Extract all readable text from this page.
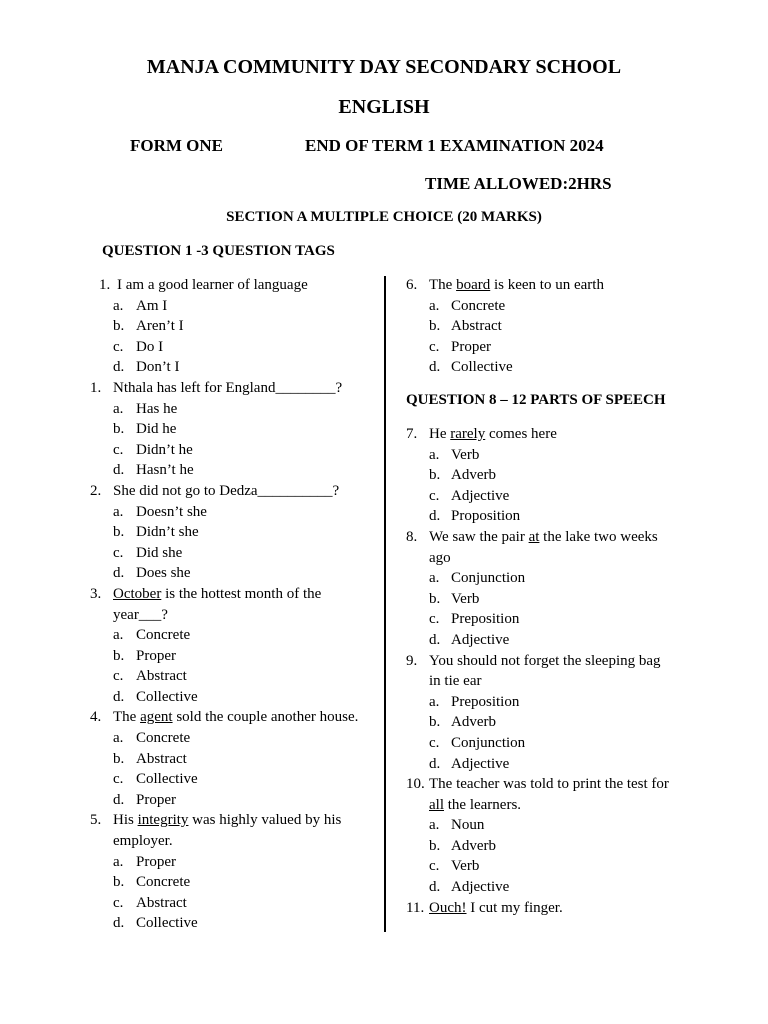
MANJA COMMUNITY DAY SECONDARY SCHOOL
ENGLISH
FORM ONE	END OF TERM 1 EXAMINATION 2024
TIME ALLOWED:2HRS
SECTION A MULTIPLE CHOICE (20 MARKS)
QUESTION 1 -3 QUESTION TAGS
1. I am a good learner of language
a. Am I
b. Aren’t I
c. Do I
d. Don’t I
1. Nthala has left for England________?
a. Has he
b. Did he
c. Didn’t he
d. Hasn’t he
2. She did not go to Dedza__________?
a. Doesn’t she
b. Didn’t she
c. Did she
d. Does she
3. October is the hottest month of the
year___?
a. Concrete
b. Proper
c. Abstract
d. Collective
4. The agent sold the couple another house.
a. Concrete
b. Abstract
c. Collective
d. Proper
5. His integrity was highly valued by his
employer.
a. Proper
b. Concrete
c. Abstract
d. Collective
6. The board is keen to un earth
a. Concrete
b. Abstract
c. Proper
d. Collective
QUESTION 8 – 12 PARTS OF SPEECH
7. He rarely comes here
a. Verb
b. Adverb
c. Adjective
d. Proposition
8. We saw the pair at the lake two weeks
ago
a. Conjunction
b. Verb
c. Preposition
d. Adjective
9. You should not forget the sleeping bag
in tie ear
a. Preposition
b. Adverb
c. Conjunction
d. Adjective
10. The teacher was told to print the test for
all the learners.
a. Noun
b. Adverb
c. Verb
d. Adjective
11. Ouch! I cut my finger.
